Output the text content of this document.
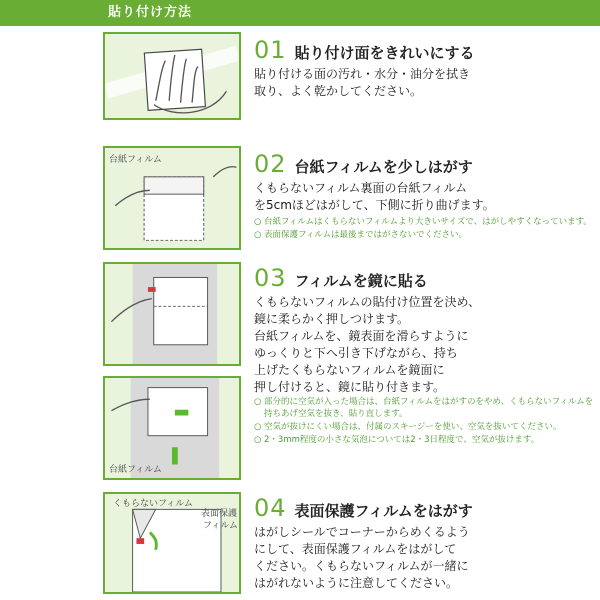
貼り付け方法
01 貼り付け面をきれいにする
貼り付ける面の汚れ・水分・油分を拭き
取り、よく乾かしてください。
台紙フィルム	02 台紙フィルムを少しはがす
くもらないフィルム裏面の台紙フィルム
を5cmほどはがして、下側に折り曲げます。
○ 台紙フィルムはくもらないフィルムより大きいサイズで、はがしやすくなっています。
○ 表面保護フィルムは最後まではがさないでください。
台紙フィルム
03 フィルムを鏡に貼る
くもらないフィルムの貼付け位置を決め、
鏡に柔らかく押しつけます。
台紙フィルムを、鏡表面を滑らすように
ゆっくりと下へ引き下げながら、持ち
上げたくもらないフィルムを鏡面に
押し付けると、鏡に貼り付きます。
○ 部分的に空気が入った場合は、台紙フィルムをはがすのをやめ、くもらないフィルムを持ちあげ空気を抜き、貼り直します。
○ 空気が抜けにくい場合は、付属のスキージーを使い、空気を抜いてください。
○ 2・3mm程度の小さな気泡については2・3日程度で、空気が抜けます。
くもらないフィルム
表面保護
フィルム
04 表面保護フィルムをはがす
はがしシールでコーナーからめくるよう
にして、表面保護フィルムをはがして
ください。くもらないフィルムが一緒に
はがれないように注意してください。
